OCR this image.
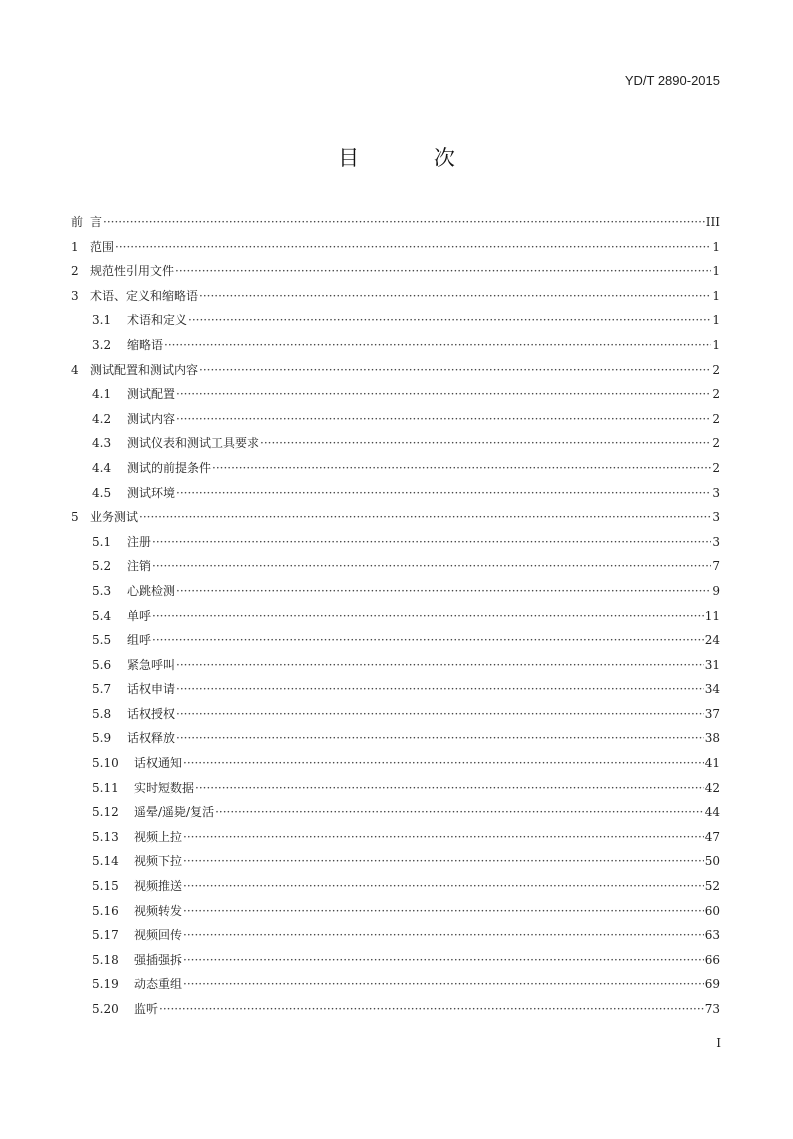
YD/T 2890-2015
目 次
前 言 ·····	III
1 范围 ·····	1
2 规范性引用文件 ·····	1
3 术语、定义和缩略语 ·····	1
3.1	术语和定义 ·····	1
3.2	缩略语 ·····	1
4 测试配置和测试内容 ·····	2
4.1	测试配置 ·····	2
4.2	测试内容 ·····	2
4.3	测试仪表和测试工具要求 ·····	2
4.4	测试的前提条件 ·····	2
4.5	测试环境 ·····	3
5 业务测试 ·····	3
5.1	注册 ·····	3
5.2	注销 ·····	7
5.3	心跳检测 ·····	9
5.4	单呼 ·····	11
5.5	组呼 ·····	24
5.6	紧急呼叫 ·····	31
5.7	话权申请 ·····	34
5.8	话权授权 ·····	37
5.9	话权释放 ·····	38
5.10	话权通知 ·····	41
5.11	实时短数据 ·····	42
5.12	遥晕/遥毙/复活 ·····	44
5.13	视频上拉 ·····	47
5.14	视频下拉 ·····	50
5.15	视频推送 ·····	52
5.16	视频转发 ·····	60
5.17	视频回传 ·····	63
5.18	强插强拆 ·····	66
5.19	动态重组 ·····	69
5.20	监听 ·····	73
I
